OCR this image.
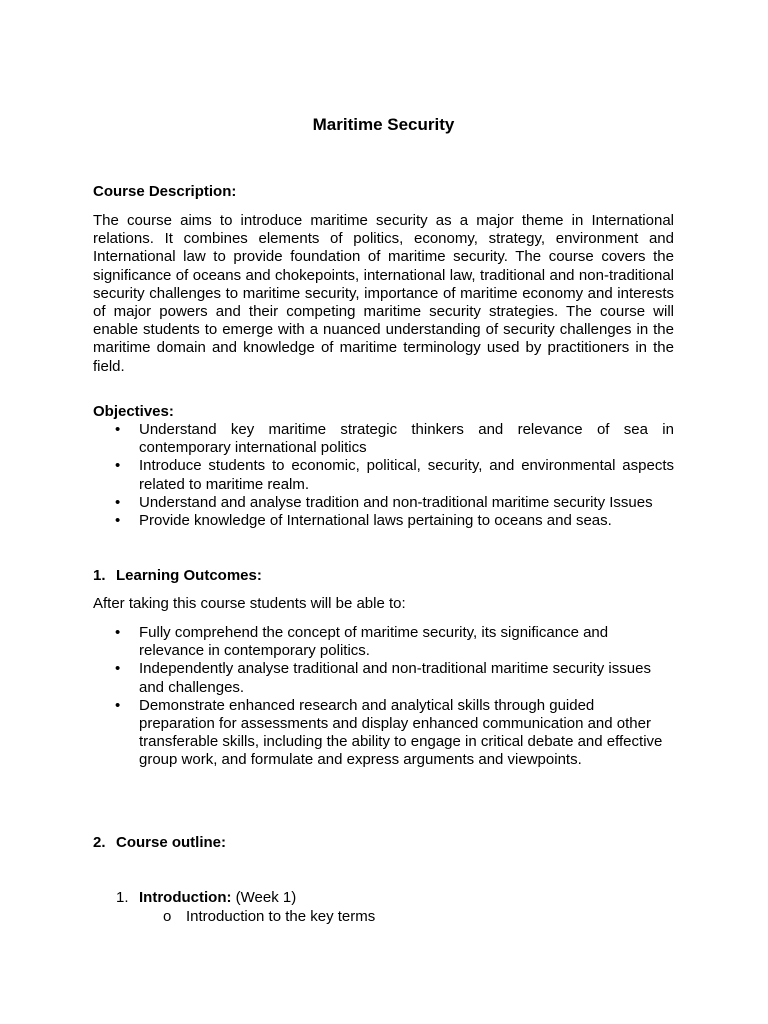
Maritime Security
Course Description:
The course aims to introduce maritime security as a major theme in International relations. It combines elements of politics, economy, strategy, environment and International law to provide foundation of maritime security. The course covers the significance of oceans and chokepoints, international law, traditional and non-traditional security challenges to maritime security, importance of maritime economy and interests of major powers and their competing maritime security strategies. The course will enable students to emerge with a nuanced understanding of security challenges in the maritime domain and knowledge of maritime terminology used by practitioners in the field.
Objectives:
• Understand key maritime strategic thinkers and relevance of sea in contemporary international politics
• Introduce students to economic, political, security, and environmental aspects related to maritime realm.
• Understand and analyse tradition and non-traditional maritime security Issues
• Provide knowledge of International laws pertaining to oceans and seas.
1. Learning Outcomes:
After taking this course students will be able to:
• Fully comprehend the concept of maritime security, its significance and relevance in contemporary politics.
• Independently analyse traditional and non-traditional maritime security issues and challenges.
• Demonstrate enhanced research and analytical skills through guided preparation for assessments and display enhanced communication and other transferable skills, including the ability to engage in critical debate and effective group work, and formulate and express arguments and viewpoints.
2. Course outline:
1. Introduction: (Week 1)
o Introduction to the key terms
